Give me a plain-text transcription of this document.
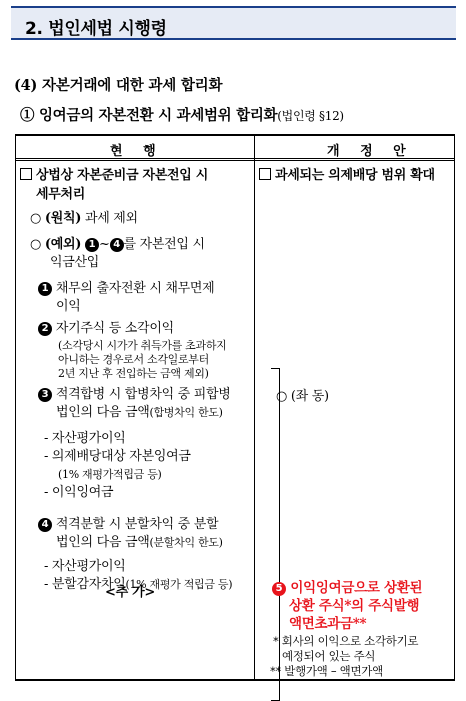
2. 법인세법 시행령
(4) 자본거래에 대한 과세 합리화
① 잉여금의 자본전환 시 과세범위 합리화(법인령 §12)
현 행	개 정 안
상법상 자본준비금 자본전입 시
세무처리
○ (원칙) 과세 제외
○ (예외) 1 ~ 4 를 자본전입 시
익금산입
1 채무의 출자전환 시 채무면제
이익
2 자기주식 등 소각이익
(소각당시 시가가 취득가를 초과하지
아니하는 경우로서 소각일로부터
2년 지난 후 전입하는 금액 제외)
3 적격합병 시 합병차익 중 피합병
법인의 다음 금액(합병차익 한도)
- 자산평가이익
- 의제배당대상 자본잉여금
(1% 재평가적립금 등)
- 이익잉여금
4 적격분할 시 분할차익 중 분할
법인의 다음 금액(분할차익 한도)
- 자산평가이익
- 분할감자차익(1% 재평가 적립금 등)
<추 가>
과세되는 의제배당 범위 확대
○ (좌 동)
5 이익잉여금으로 상환된
상환 주식*의 주식발행
액면초과금**
* 회사의 이익으로 소각하기로
예정되어 있는 주식
** 발행가액 – 액면가액
